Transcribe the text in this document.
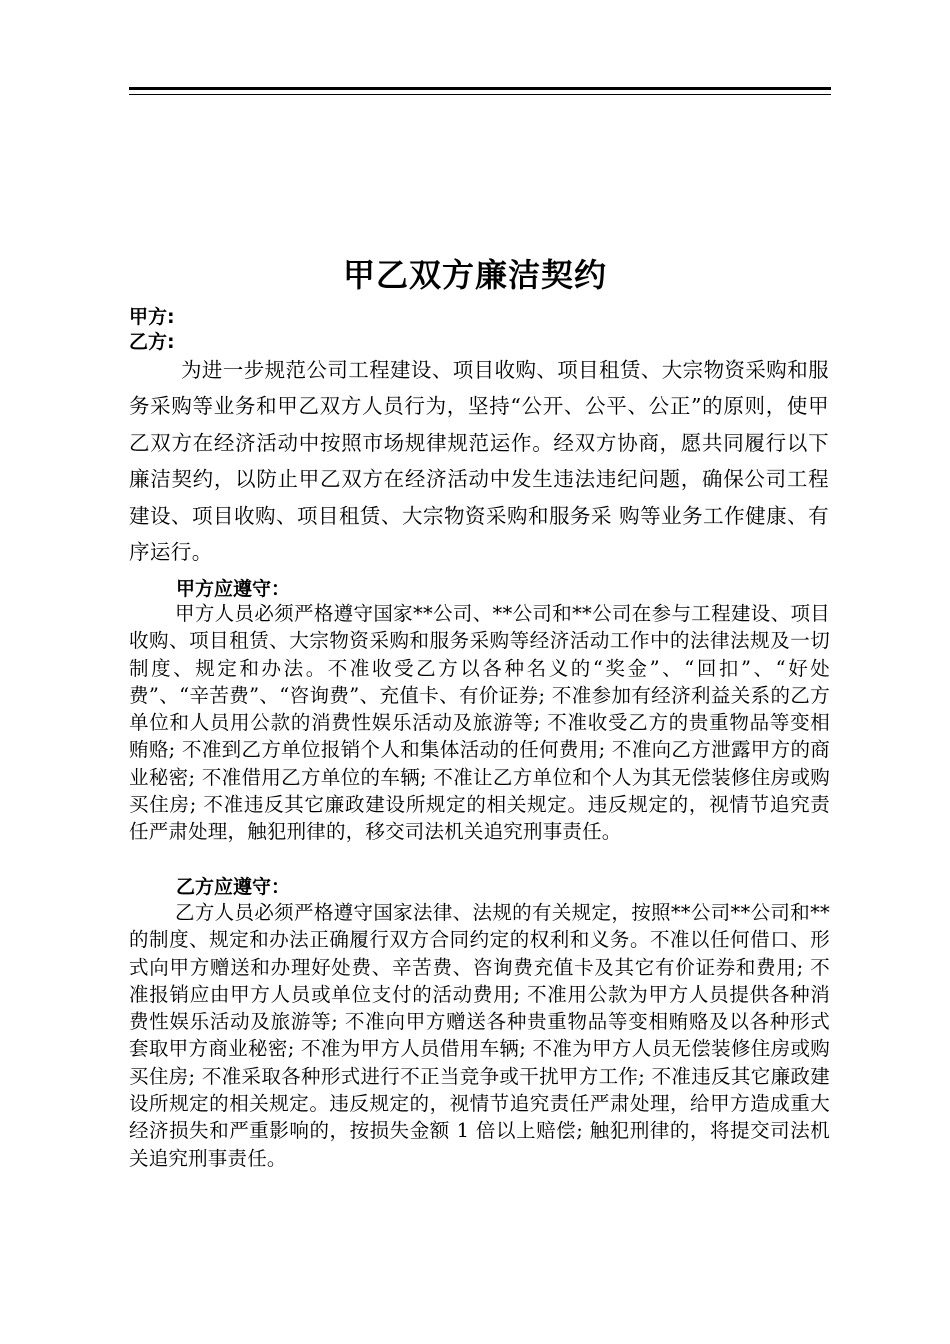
甲乙双方廉洁契约
甲方:
乙方:

为进一步规范公司工程建设、项目收购、项目租赁、大宗物资采购和服务采购等业务和甲乙双方人员行为，坚持“公开、公平、公正”的原则，使甲乙双方在经济活动中按照市场规律规范运作。经双方协商，愿共同履行以下廉洁契约，以防止甲乙双方在经济活动中发生违法违纪问题，确保公司工程建设、项目收购、项目租赁、大宗物资采购和服务采 购等业务工作健康、有序运行。

甲方应遵守：

甲方人员必须严格遵守国家**公司、**公司和**公司在参与工程建设、项目收购、项目租赁、大宗物资采购和服务采购等经济活动工作中的法律法规及一切制度、规定和办法。不准收受乙方以各种名义的“奖金”、“回扣”、“好处费”、“辛苦费”、“咨询费”、充值卡、有价证券; 不准参加有经济利益关系的乙方单位和人员用公款的消费性娱乐活动及旅游等; 不准收受乙方的贵重物品等变相贿赂; 不准到乙方单位报销个人和集体活动的任何费用; 不准向乙方泄露甲方的商业秘密; 不准借用乙方单位的车辆; 不准让乙方单位和个人为其无偿装修住房或购买住房; 不准违反其它廉政建设所规定的相关规定。违反规定的，视情节追究责任严肃处理，触犯刑律的，移交司法机关追究刑事责任。

乙方应遵守：

乙方人员必须严格遵守国家法律、法规的有关规定，按照**公司**公司和**的制度、规定和办法正确履行双方合同约定的权利和义务。不准以任何借口、形式向甲方赠送和办理好处费、辛苦费、咨询费充值卡及其它有价证券和费用; 不准报销应由甲方人员或单位支付的活动费用; 不准用公款为甲方人员提供各种消费性娱乐活动及旅游等; 不准向甲方赠送各种贵重物品等变相贿赂及以各种形式套取甲方商业秘密; 不准为甲方人员借用车辆; 不准为甲方人员无偿装修住房或购买住房; 不准采取各种形式进行不正当竞争或干扰甲方工作; 不准违反其它廉政建设所规定的相关规定。违反规定的，视情节追究责任严肃处理，给甲方造成重大经济损失和严重影响的，按损失金额 1 倍以上赔偿; 触犯刑律的，将提交司法机关追究刑事责任。
